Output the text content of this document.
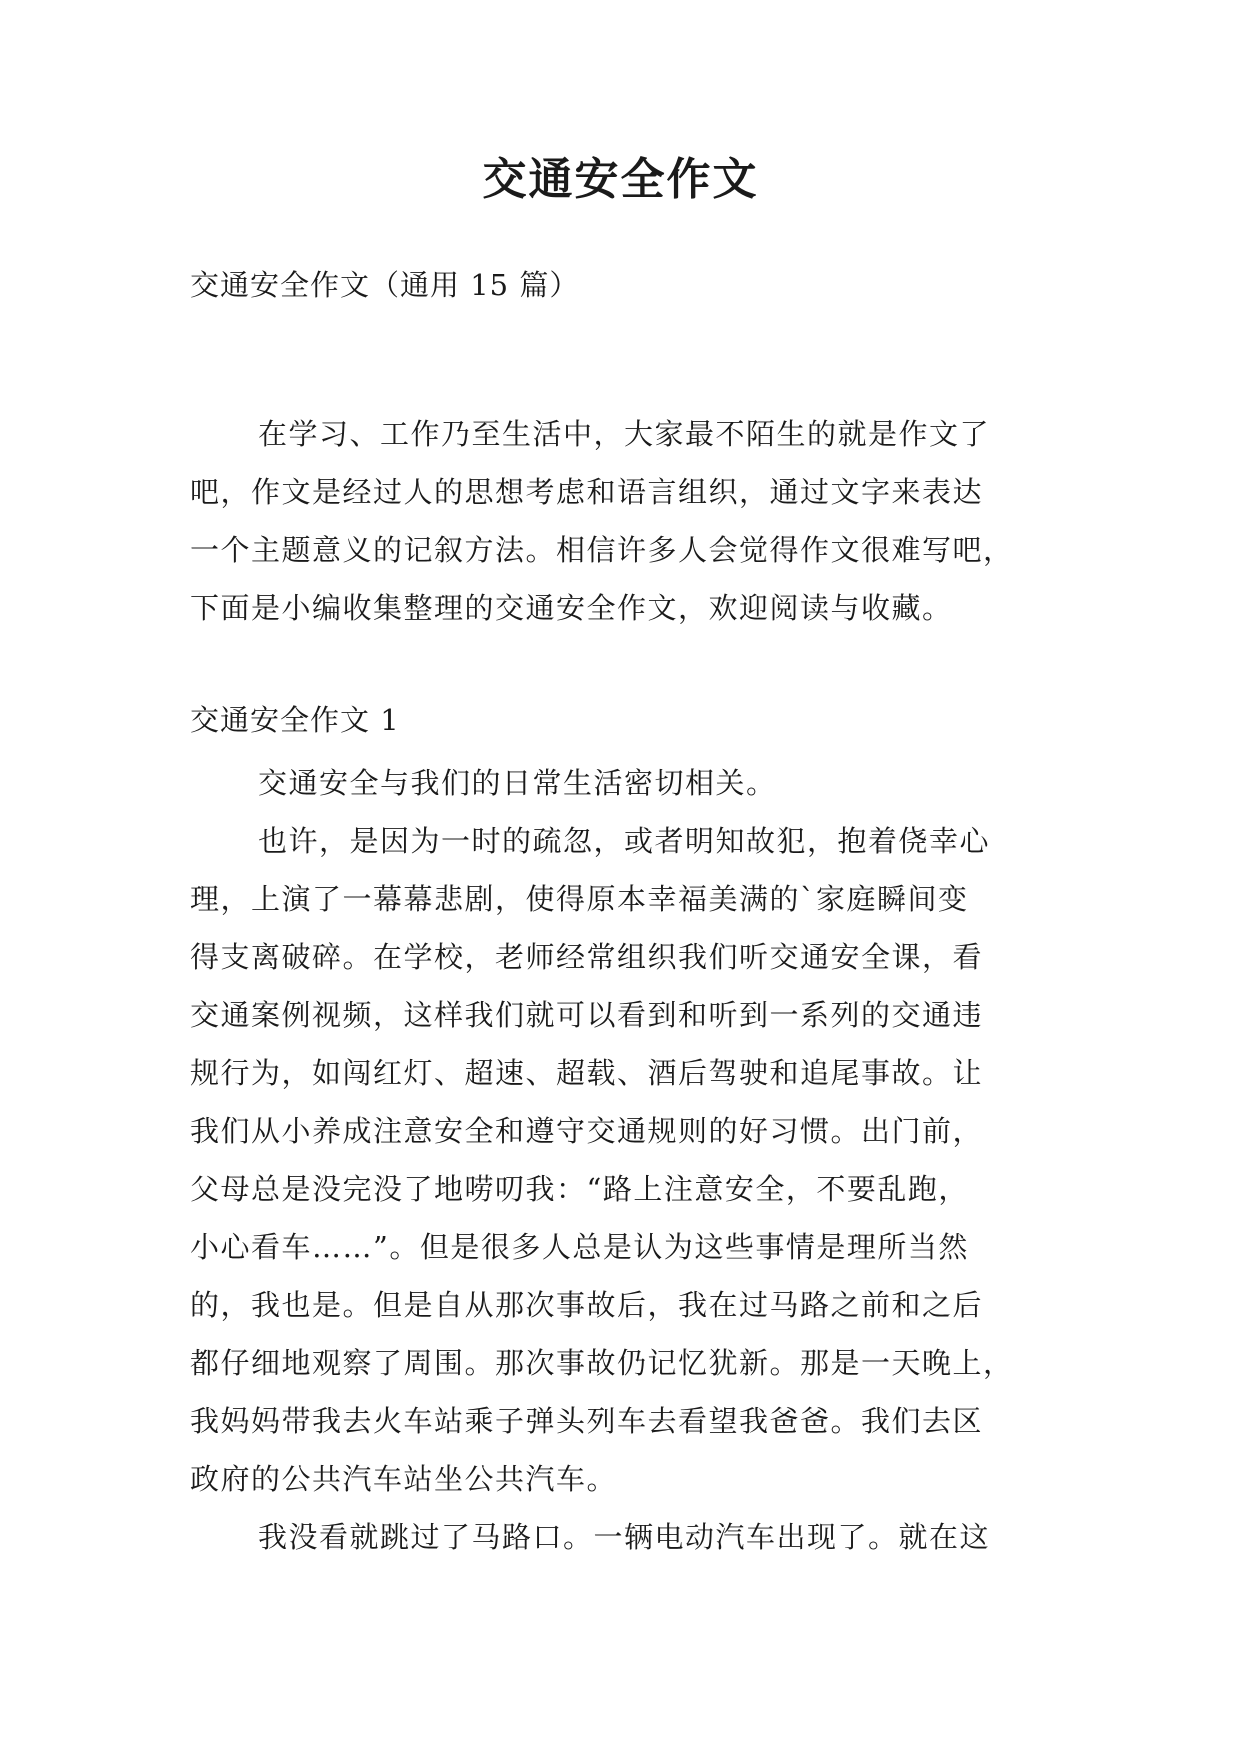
交通安全作文
交通安全作文（通用 15 篇）
在学习、工作乃至生活中，大家最不陌生的就是作文了
吧，作文是经过人的思想考虑和语言组织，通过文字来表达
一个主题意义的记叙方法。相信许多人会觉得作文很难写吧，
下面是小编收集整理的交通安全作文，欢迎阅读与收藏。
交通安全作文 1
交通安全与我们的日常生活密切相关。
也许，是因为一时的疏忽，或者明知故犯，抱着侥幸心
理，上演了一幕幕悲剧，使得原本幸福美满的`家庭瞬间变
得支离破碎。在学校，老师经常组织我们听交通安全课，看
交通案例视频，这样我们就可以看到和听到一系列的交通违
规行为，如闯红灯、超速、超载、酒后驾驶和追尾事故。让
我们从小养成注意安全和遵守交通规则的好习惯。出门前，
父母总是没完没了地唠叨我：“路上注意安全，不要乱跑，
小心看车……”。但是很多人总是认为这些事情是理所当然
的，我也是。但是自从那次事故后，我在过马路之前和之后
都仔细地观察了周围。那次事故仍记忆犹新。那是一天晚上，
我妈妈带我去火车站乘子弹头列车去看望我爸爸。我们去区
政府的公共汽车站坐公共汽车。
我没看就跳过了马路口。一辆电动汽车出现了。就在这
